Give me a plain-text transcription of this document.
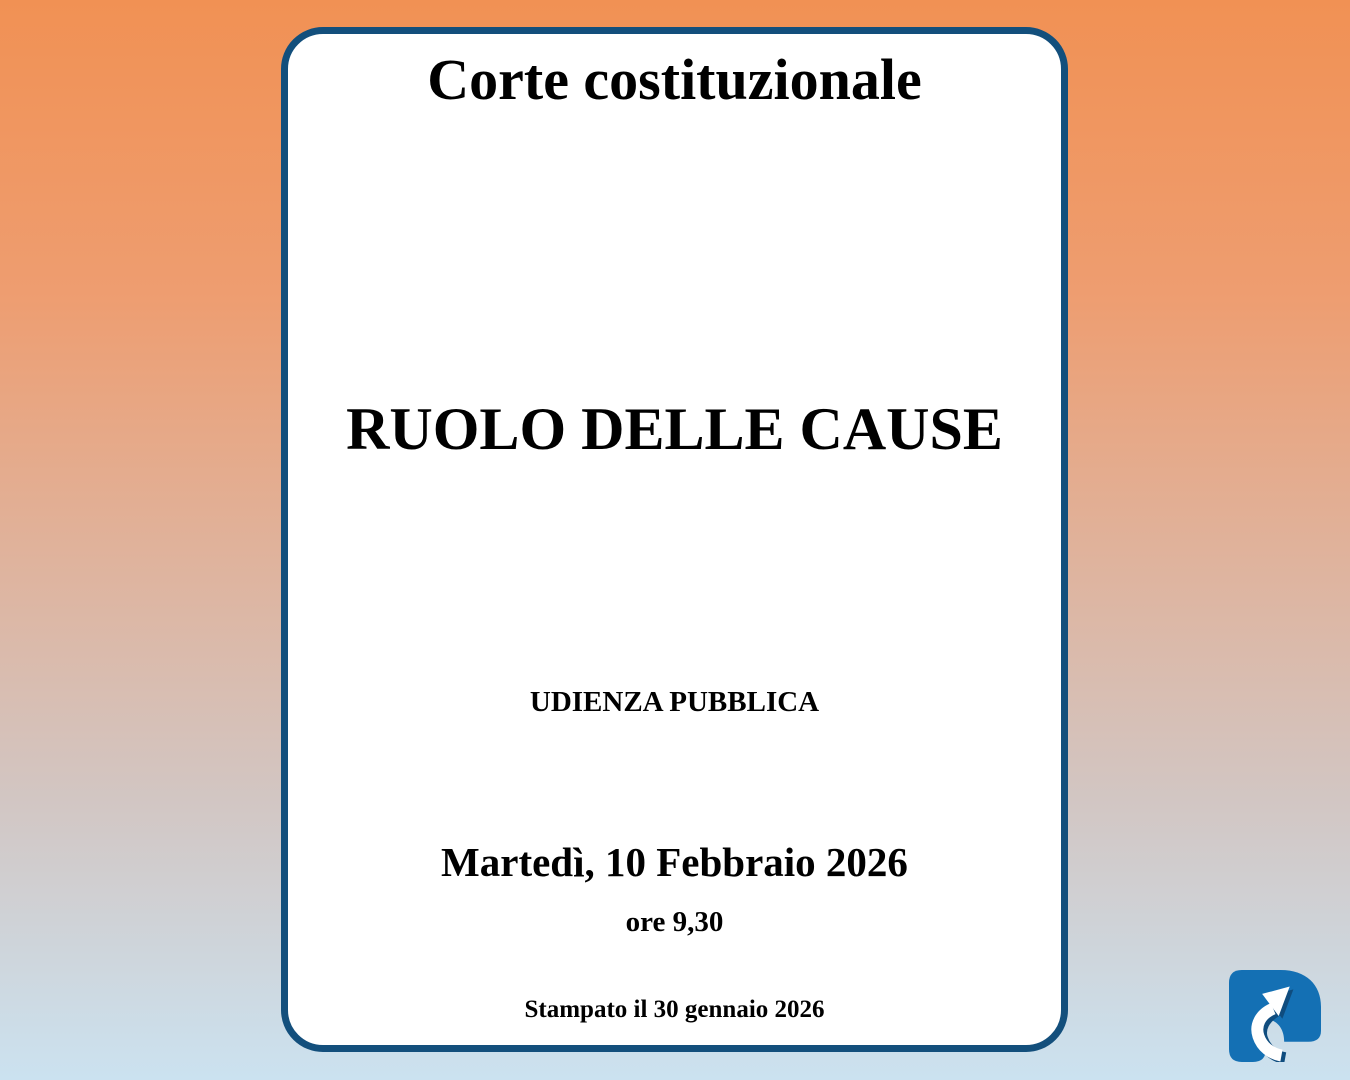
Corte costituzionale
RUOLO DELLE CAUSE
UDIENZA PUBBLICA
Martedì, 10 Febbraio 2026
ore 9,30
Stampato il 30 gennaio 2026
